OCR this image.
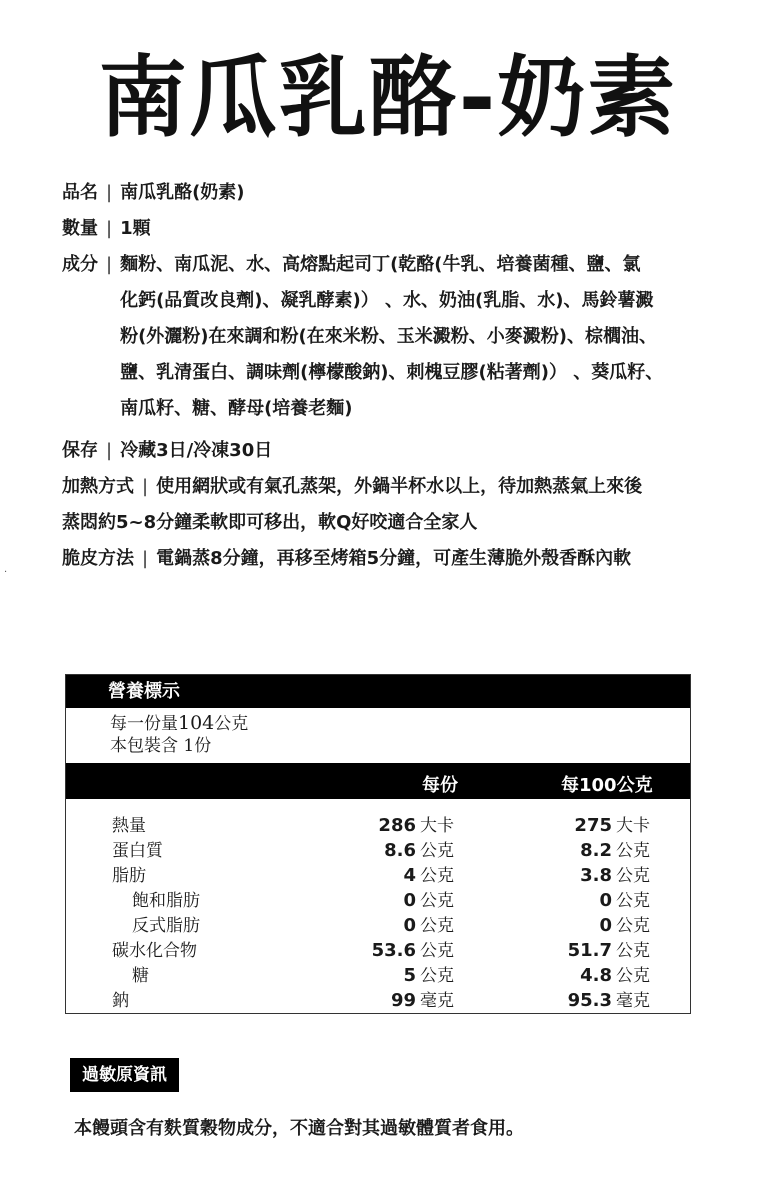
南瓜乳酪-奶素
品名 | 南瓜乳酪(奶素)
數量 | 1顆
成分 | 麵粉、南瓜泥、水、高熔點起司丁(乾酪(牛乳、培養菌種、鹽、氯
化鈣(品質改良劑)、凝乳酵素)） 、水、奶油(乳脂、水)、馬鈴薯澱
粉(外灑粉)在來調和粉(在來米粉、玉米澱粉、小麥澱粉)、棕櫚油、
鹽、乳清蛋白、調味劑(檸檬酸鈉)、刺槐豆膠(粘著劑)） 、葵瓜籽、
南瓜籽、糖、酵母(培養老麵)
保存 | 冷藏3日/冷凍30日
加熱方式 | 使用網狀或有氣孔蒸架，外鍋半杯水以上，待加熱蒸氣上來後
蒸悶約5~8分鐘柔軟即可移出，軟Q好咬適合全家人
脆皮方法 | 電鍋蒸8分鐘，再移至烤箱5分鐘，可產生薄脆外殼香酥內軟
·
營養標示
每一份量104公克
本包裝含 1份
每份	每100公克
熱量	286 大卡	275 大卡
蛋白質	8.6 公克	8.2 公克
脂肪	4 公克	3.8 公克
飽和脂肪	0 公克	0 公克
反式脂肪	0 公克	0 公克
碳水化合物	53.6 公克	51.7 公克
糖	5 公克	4.8 公克
鈉	99 毫克	95.3 毫克
過敏原資訊
本饅頭含有麩質穀物成分，不適合對其過敏體質者食用。
